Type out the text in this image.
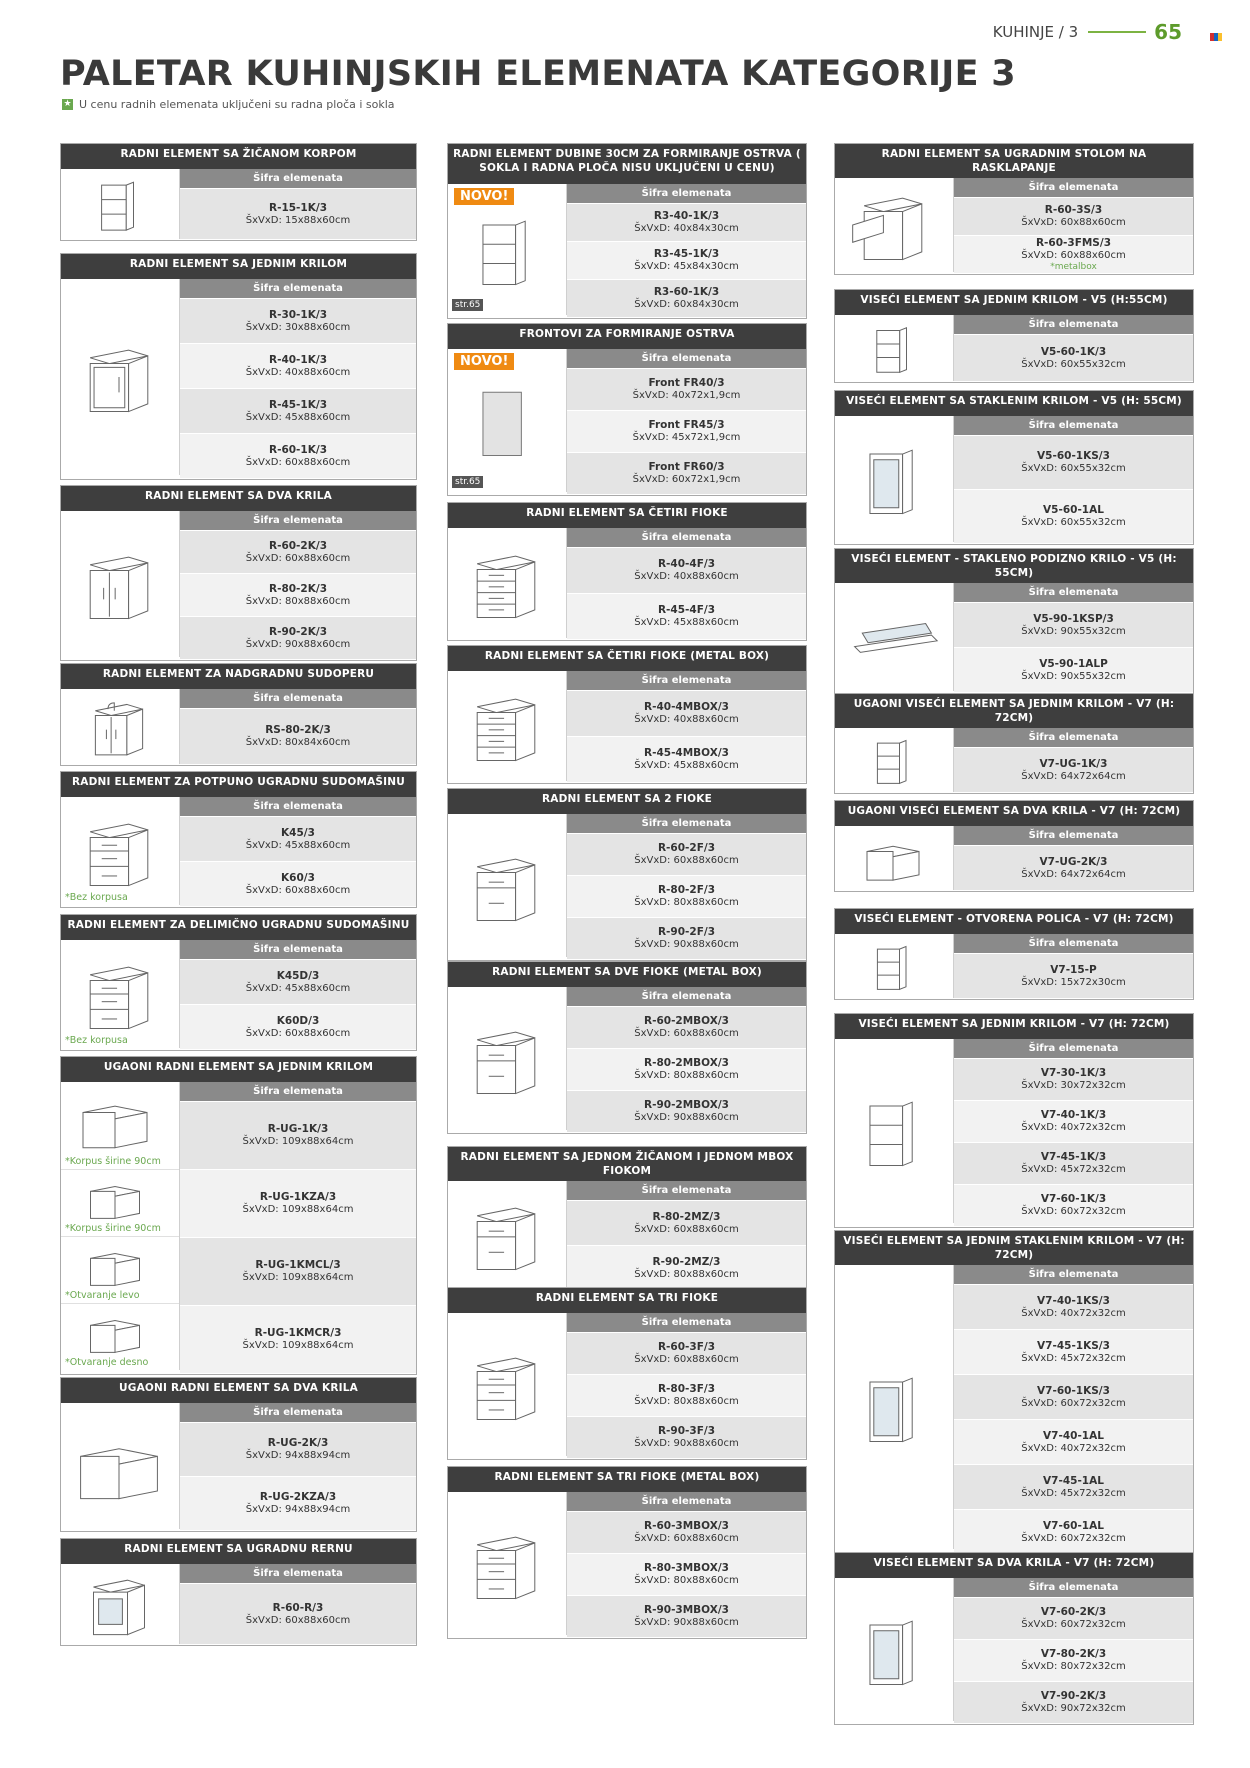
KUHINJE / 3	65
PALETAR KUHINJSKIH ELEMENATA KATEGORIJE 3
★ U cenu radnih elemenata uključeni su radna ploča i sokla
RADNI ELEMENT SA ŽIČANOM KORPOM
Šifra elemenata
R-15-1K/3
ŠxVxD: 15x88x60cm
RADNI ELEMENT SA JEDNIM KRILOM
Šifra elemenata
R-30-1K/3
ŠxVxD: 30x88x60cm
R-40-1K/3
ŠxVxD: 40x88x60cm
R-45-1K/3
ŠxVxD: 45x88x60cm
R-60-1K/3
ŠxVxD: 60x88x60cm
RADNI ELEMENT SA DVA KRILA
Šifra elemenata
R-60-2K/3
ŠxVxD: 60x88x60cm
R-80-2K/3
ŠxVxD: 80x88x60cm
R-90-2K/3
ŠxVxD: 90x88x60cm
RADNI ELEMENT ZA NADGRADNU SUDOPERU
Šifra elemenata
RS-80-2K/3
ŠxVxD: 80x84x60cm
RADNI ELEMENT ZA POTPUNO UGRADNU SUDOMAŠINU
*Bez korpusa
Šifra elemenata
K45/3
ŠxVxD: 45x88x60cm
K60/3
ŠxVxD: 60x88x60cm
RADNI ELEMENT ZA DELIMIČNO UGRADNU SUDOMAŠINU
*Bez korpusa
Šifra elemenata
K45D/3
ŠxVxD: 45x88x60cm
K60D/3
ŠxVxD: 60x88x60cm
UGAONI RADNI ELEMENT SA JEDNIM KRILOM
*Korpus širine 90cm
*Korpus širine 90cm
*Otvaranje levo
*Otvaranje desno
Šifra elemenata
R-UG-1K/3
ŠxVxD: 109x88x64cm
R-UG-1KZA/3
ŠxVxD: 109x88x64cm
R-UG-1KMCL/3
ŠxVxD: 109x88x64cm
R-UG-1KMCR/3
ŠxVxD: 109x88x64cm
UGAONI RADNI ELEMENT SA DVA KRILA
Šifra elemenata
R-UG-2K/3
ŠxVxD: 94x88x94cm
R-UG-2KZA/3
ŠxVxD: 94x88x94cm
RADNI ELEMENT SA UGRADNU RERNU
Šifra elemenata
R-60-R/3
ŠxVxD: 60x88x60cm
RADNI ELEMENT DUBINE 30CM ZA FORMIRANJE OSTRVA ( SOKLA I RADNA PLOČA NISU UKLJUČENI U CENU)
NOVO!
str.65
Šifra elemenata
R3-40-1K/3
ŠxVxD: 40x84x30cm
R3-45-1K/3
ŠxVxD: 45x84x30cm
R3-60-1K/3
ŠxVxD: 60x84x30cm
FRONTOVI ZA FORMIRANJE OSTRVA
NOVO!
str.65
Šifra elemenata
Front FR40/3
ŠxVxD: 40x72x1,9cm
Front FR45/3
ŠxVxD: 45x72x1,9cm
Front FR60/3
ŠxVxD: 60x72x1,9cm
RADNI ELEMENT SA ČETIRI FIOKE
Šifra elemenata
R-40-4F/3
ŠxVxD: 40x88x60cm
R-45-4F/3
ŠxVxD: 45x88x60cm
RADNI ELEMENT SA ČETIRI FIOKE (METAL BOX)
Šifra elemenata
R-40-4MBOX/3
ŠxVxD: 40x88x60cm
R-45-4MBOX/3
ŠxVxD: 45x88x60cm
RADNI ELEMENT SA 2 FIOKE
Šifra elemenata
R-60-2F/3
ŠxVxD: 60x88x60cm
R-80-2F/3
ŠxVxD: 80x88x60cm
R-90-2F/3
ŠxVxD: 90x88x60cm
RADNI ELEMENT SA DVE FIOKE (METAL BOX)
Šifra elemenata
R-60-2MBOX/3
ŠxVxD: 60x88x60cm
R-80-2MBOX/3
ŠxVxD: 80x88x60cm
R-90-2MBOX/3
ŠxVxD: 90x88x60cm
RADNI ELEMENT SA JEDNOM ŽIČANOM I JEDNOM MBOX FIOKOM
Šifra elemenata
R-80-2MZ/3
ŠxVxD: 60x88x60cm
R-90-2MZ/3
ŠxVxD: 80x88x60cm
RADNI ELEMENT SA TRI FIOKE
Šifra elemenata
R-60-3F/3
ŠxVxD: 60x88x60cm
R-80-3F/3
ŠxVxD: 80x88x60cm
R-90-3F/3
ŠxVxD: 90x88x60cm
RADNI ELEMENT SA TRI FIOKE (METAL BOX)
Šifra elemenata
R-60-3MBOX/3
ŠxVxD: 60x88x60cm
R-80-3MBOX/3
ŠxVxD: 80x88x60cm
R-90-3MBOX/3
ŠxVxD: 90x88x60cm
RADNI ELEMENT SA UGRADNIM STOLOM NA RASKLAPANJE
Šifra elemenata
R-60-3S/3
ŠxVxD: 60x88x60cm
R-60-3FMS/3
ŠxVxD: 60x88x60cm
*metalbox
VISEĆI ELEMENT SA JEDNIM KRILOM - V5 (H:55CM)
Šifra elemenata
V5-60-1K/3
ŠxVxD: 60x55x32cm
VISEĆI ELEMENT SA STAKLENIM KRILOM - V5 (H: 55CM)
Šifra elemenata
V5-60-1KS/3
ŠxVxD: 60x55x32cm
V5-60-1AL
ŠxVxD: 60x55x32cm
VISEĆI ELEMENT - STAKLENO PODIZNO KRILO - V5 (H: 55CM)
Šifra elemenata
V5-90-1KSP/3
ŠxVxD: 90x55x32cm
V5-90-1ALP
ŠxVxD: 90x55x32cm
UGAONI VISEĆI ELEMENT SA JEDNIM KRILOM - V7 (H: 72CM)
Šifra elemenata
V7-UG-1K/3
ŠxVxD: 64x72x64cm
UGAONI VISEĆI ELEMENT SA DVA KRILA - V7 (H: 72CM)
Šifra elemenata
V7-UG-2K/3
ŠxVxD: 64x72x64cm
VISEĆI ELEMENT - OTVORENA POLICA - V7 (H: 72CM)
Šifra elemenata
V7-15-P
ŠxVxD: 15x72x30cm
VISEĆI ELEMENT SA JEDNIM KRILOM - V7 (H: 72CM)
Šifra elemenata
V7-30-1K/3
ŠxVxD: 30x72x32cm
V7-40-1K/3
ŠxVxD: 40x72x32cm
V7-45-1K/3
ŠxVxD: 45x72x32cm
V7-60-1K/3
ŠxVxD: 60x72x32cm
VISEĆI ELEMENT SA JEDNIM STAKLENIM KRILOM - V7 (H: 72CM)
Šifra elemenata
V7-40-1KS/3
ŠxVxD: 40x72x32cm
V7-45-1KS/3
ŠxVxD: 45x72x32cm
V7-60-1KS/3
ŠxVxD: 60x72x32cm
V7-40-1AL
ŠxVxD: 40x72x32cm
V7-45-1AL
ŠxVxD: 45x72x32cm
V7-60-1AL
ŠxVxD: 60x72x32cm
VISEĆI ELEMENT SA DVA KRILA - V7 (H: 72CM)
Šifra elemenata
V7-60-2K/3
ŠxVxD: 60x72x32cm
V7-80-2K/3
ŠxVxD: 80x72x32cm
V7-90-2K/3
ŠxVxD: 90x72x32cm
